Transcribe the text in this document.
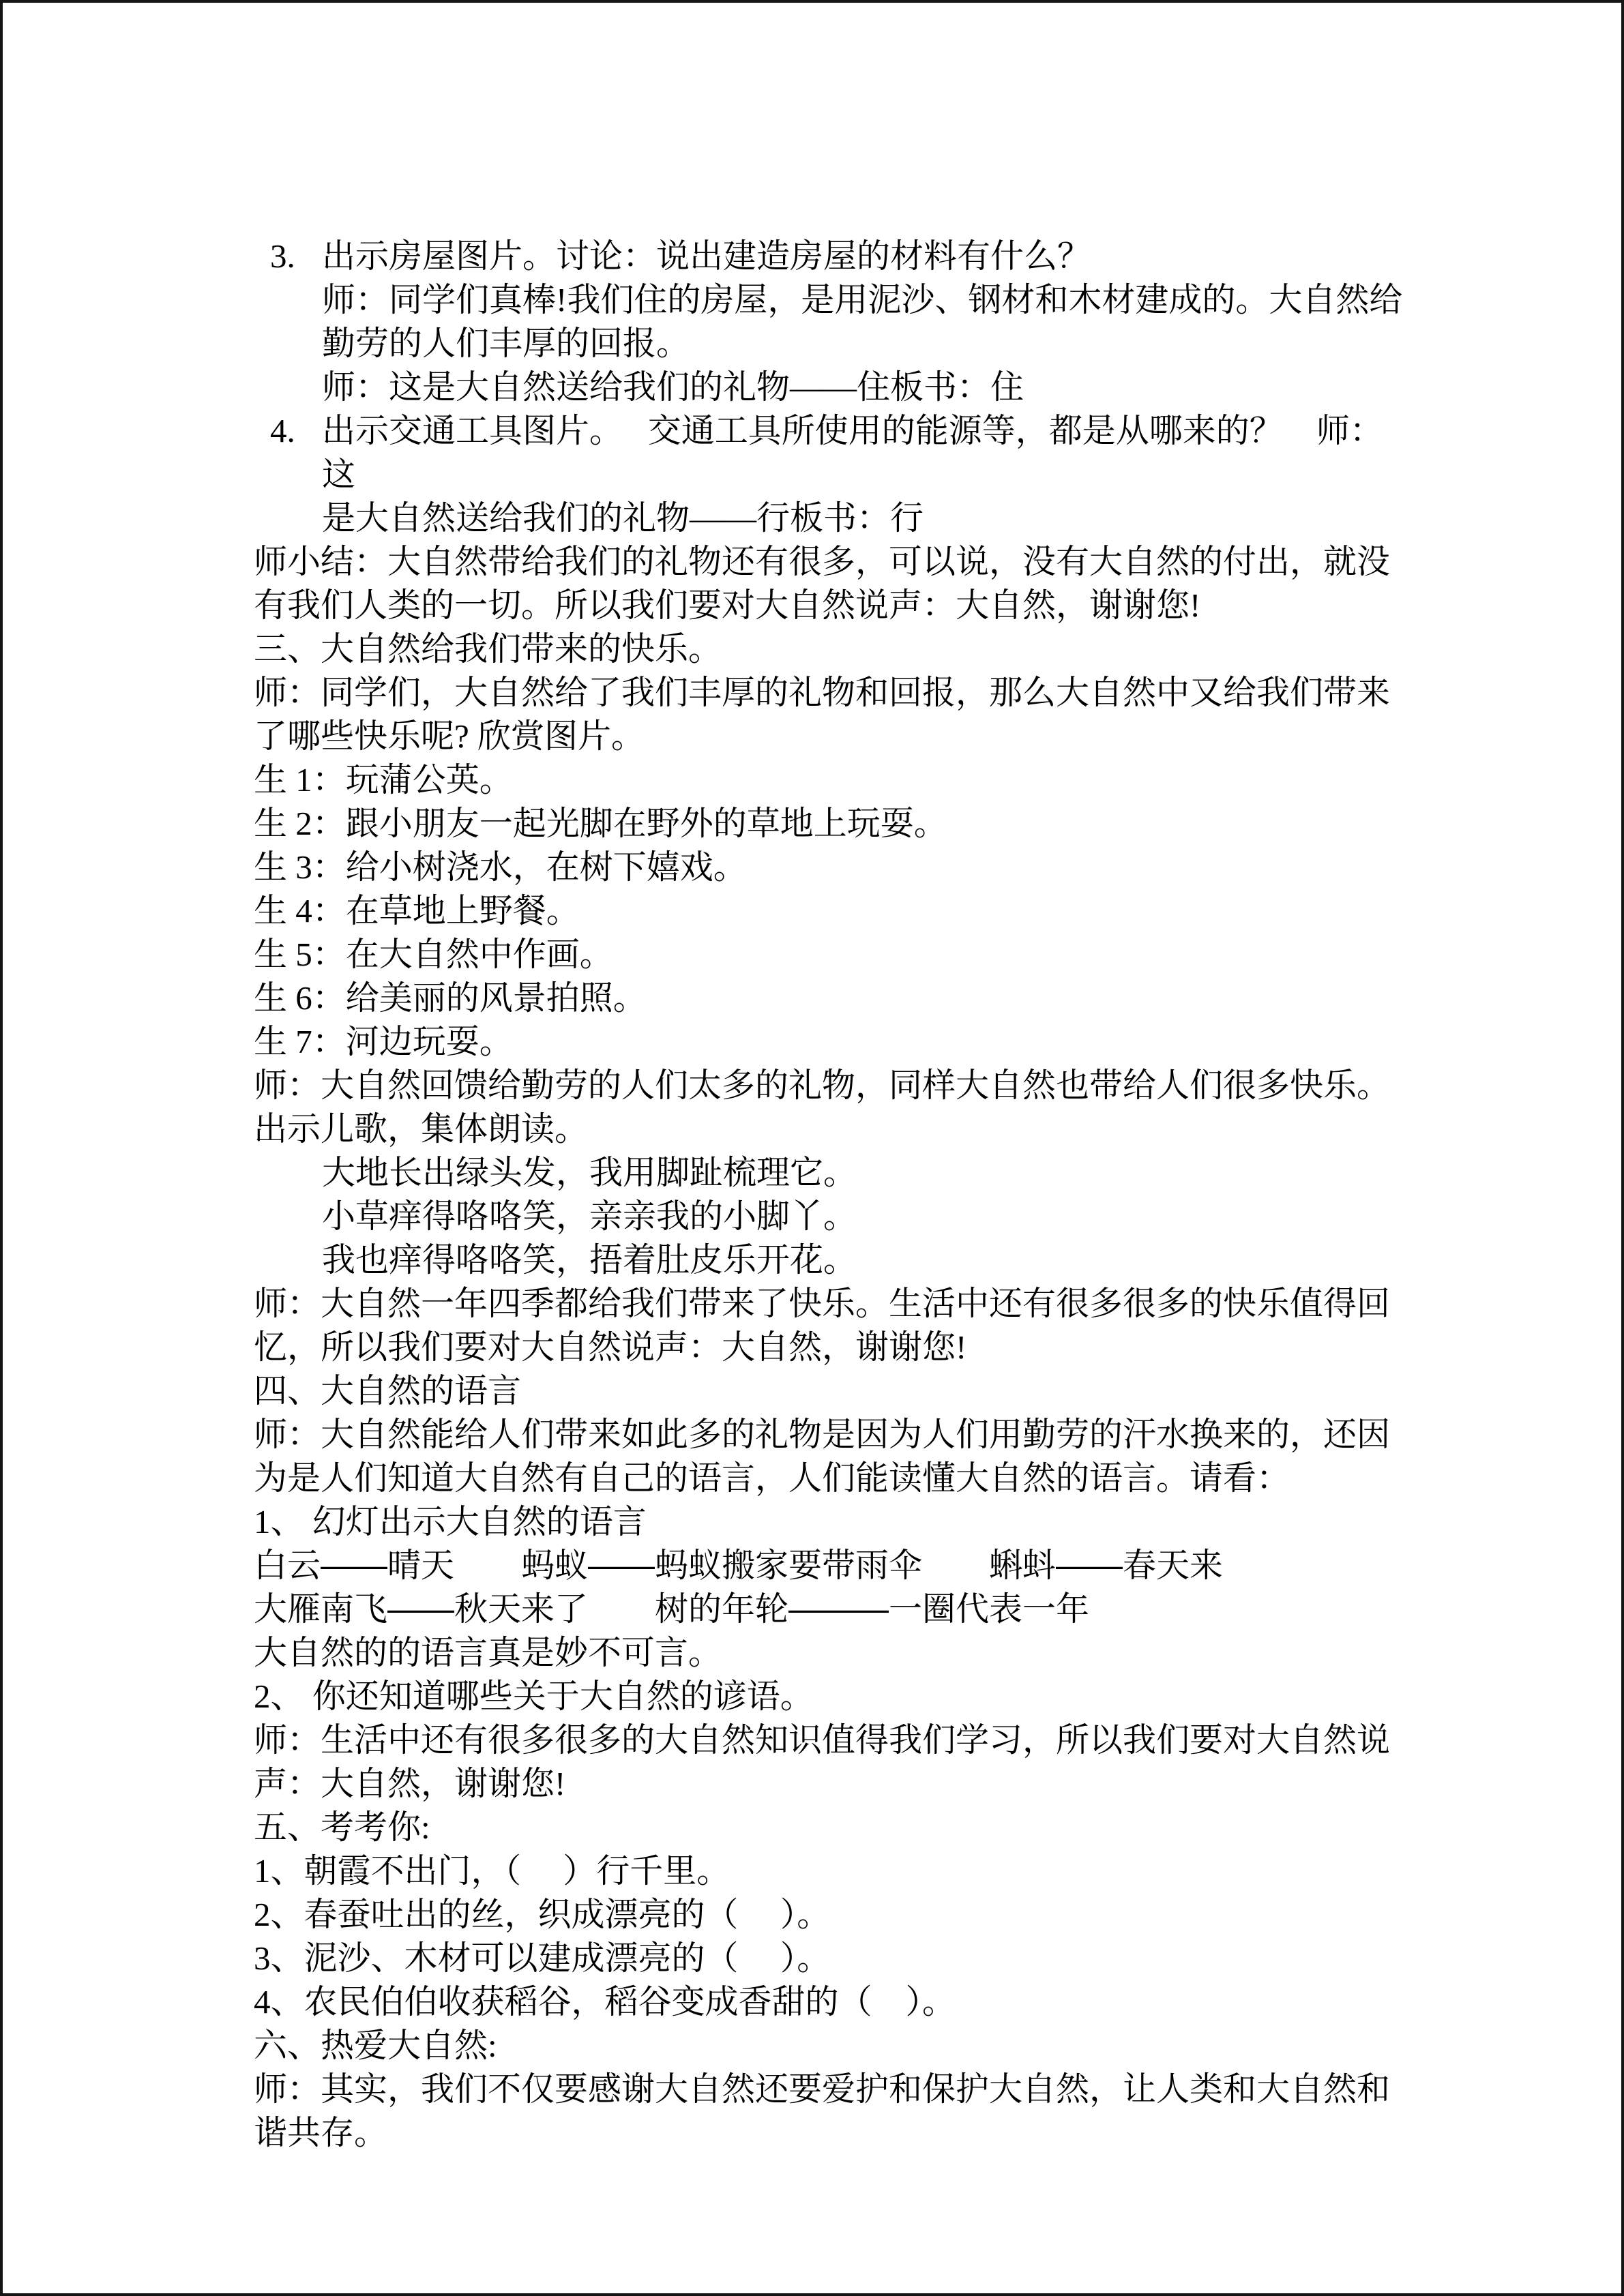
3. 出示房屋图片。讨论：说出建造房屋的材料有什么？
师：同学们真棒!我们住的房屋，是用泥沙、钢材和木材建成的。大自然给
勤劳的人们丰厚的回报。
师：这是大自然送给我们的礼物——住板书：住
4. 出示交通工具图片。　 交通工具所使用的能源等，都是从哪来的？　师：这
是大自然送给我们的礼物——行板书：行
师小结：大自然带给我们的礼物还有很多，可以说，没有大自然的付出，就没
有我们人类的一切。所以我们要对大自然说声：大自然，谢谢您!
三、大自然给我们带来的快乐。
师：同学们，大自然给了我们丰厚的礼物和回报，那么大自然中又给我们带来
了哪些快乐呢? 欣赏图片。
生 1：玩蒲公英。
生 2：跟小朋友一起光脚在野外的草地上玩耍。
生 3：给小树浇水，在树下嬉戏。
生 4：在草地上野餐。
生 5：在大自然中作画。
生 6：给美丽的风景拍照。
生 7：河边玩耍。
师：大自然回馈给勤劳的人们太多的礼物，同样大自然也带给人们很多快乐。
出示儿歌，集体朗读。
大地长出绿头发，我用脚趾梳理它。
小草痒得咯咯笑，亲亲我的小脚丫。
我也痒得咯咯笑，捂着肚皮乐开花。
师：大自然一年四季都给我们带来了快乐。生活中还有很多很多的快乐值得回
忆，所以我们要对大自然说声：大自然，谢谢您!
四、大自然的语言
师：大自然能给人们带来如此多的礼物是因为人们用勤劳的汗水换来的，还因
为是人们知道大自然有自己的语言，人们能读懂大自然的语言。请看：
1、 幻灯出示大自然的语言
白云——晴天　　蚂蚁——蚂蚁搬家要带雨伞　　蝌蚪——春天来
大雁南飞——秋天来了　　树的年轮———一圈代表一年
大自然的的语言真是妙不可言。
2、 你还知道哪些关于大自然的谚语。
师：生活中还有很多很多的大自然知识值得我们学习，所以我们要对大自然说
声：大自然，谢谢您!
五、考考你:
1、朝霞不出门，（　 ）行千里。
2、春蚕吐出的丝，织成漂亮的（　 ）。
3、泥沙、木材可以建成漂亮的（　 ）。
4、农民伯伯收获稻谷，稻谷变成香甜的（　）。
六、热爱大自然:
师：其实，我们不仅要感谢大自然还要爱护和保护大自然，让人类和大自然和
谐共存。
